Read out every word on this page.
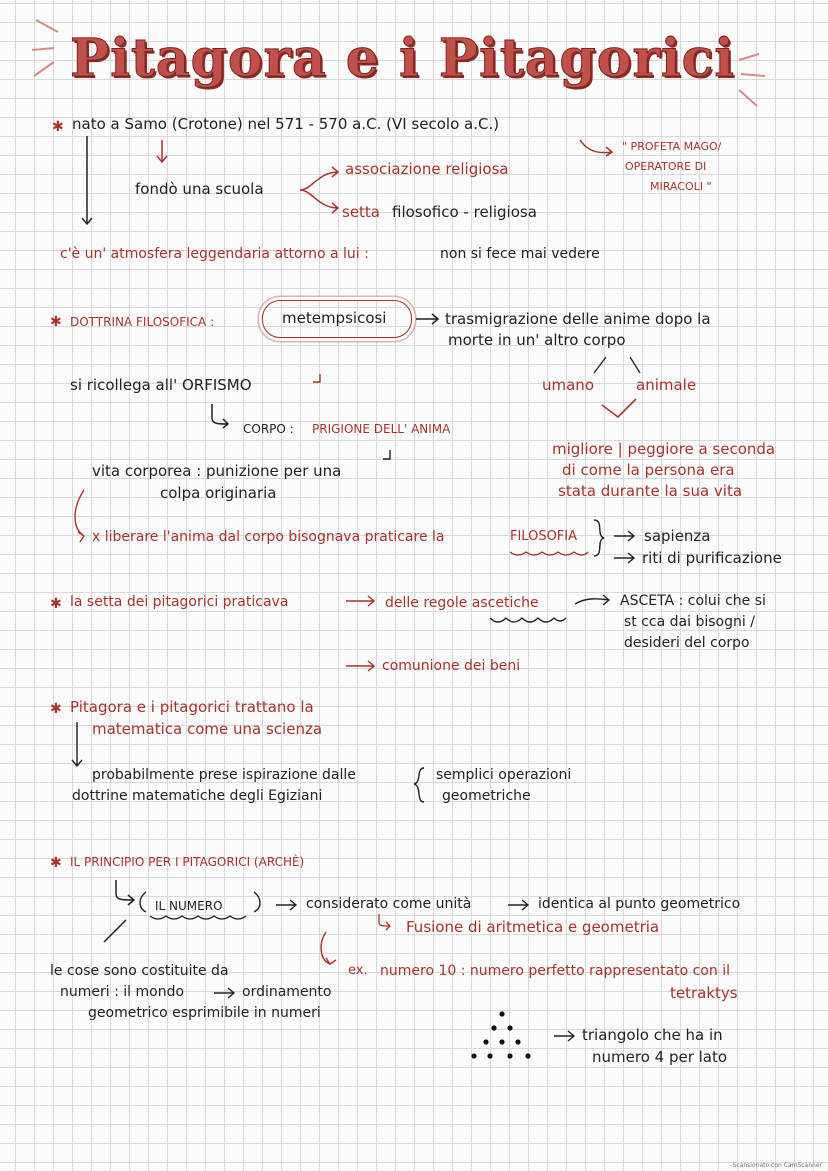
Pitagora e i Pitagorici
✱ nato a Samo (Crotone) nel 571 - 570 a.C. (VI secolo a.C.)
fondò una scuola
associazione religiosa
setta filosofico - religiosa
" PROFETA MAGO/
OPERATORE DI
MIRACOLI "
c'è un' atmosfera leggendaria attorno a lui :	non si fece mai vedere
✱ DOTTRINA FILOSOFICA :	metempsicosi	trasmigrazione delle anime dopo la
morte in un' altro corpo
umano	animale
si ricollega all' ORFISMO
CORPO : PRIGIONE DELL' ANIMA
vita corporea : punizione per una
colpa originaria
migliore | peggiore a seconda
di come la persona era
stata durante la sua vita
x liberare l'anima dal corpo bisognava praticare la	FILOSOFIA	sapienza
riti di purificazione
✱ la setta dei pitagorici praticava	delle regole ascetiche	ASCETA : colui che si
st cca dai bisogni /
desideri del corpo
comunione dei beni
✱ Pitagora e i pitagorici trattano la
matematica come una scienza
probabilmente prese ispirazione dalle
dottrine matematiche degli Egiziani
semplici operazioni
geometriche
✱ IL PRINCIPIO PER I PITAGORICI (ARCHÈ)
IL NUMERO	considerato come unità	identica al punto geometrico
Fusione di aritmetica e geometria
ex. numero 10 : numero perfetto rappresentato con il
tetraktys
le cose sono costituite da
numeri : il mondo	ordinamento
geometrico esprimibile in numeri
triangolo che ha in
numero 4 per lato
Scansionato con CamScanner
